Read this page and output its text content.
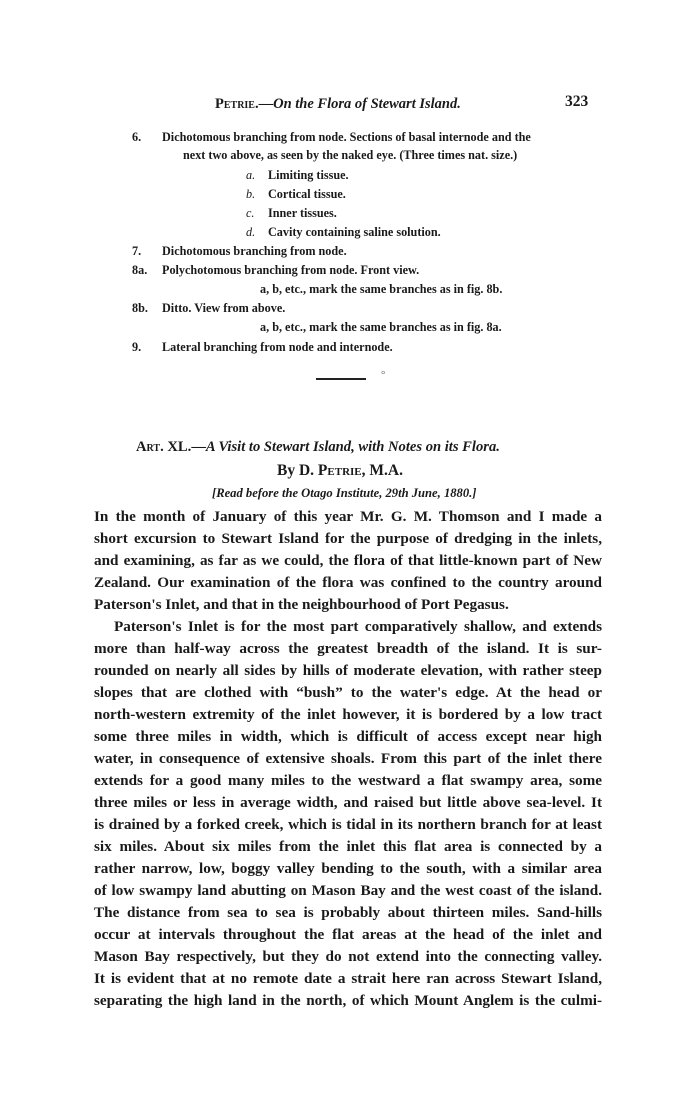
Petrie.—On the Flora of Stewart Island.	323
6. Dichotomous branching from node. Sections of basal internode and the
next two above, as seen by the naked eye. (Three times nat. size.)
a. Limiting tissue.
b. Cortical tissue.
c. Inner tissues.
d. Cavity containing saline solution.
7. Dichotomous branching from node.
8a. Polychotomous branching from node. Front view.
a, b, etc., mark the same branches as in fig. 8b.
8b. Ditto. View from above.
a, b, etc., mark the same branches as in fig. 8a.
9. Lateral branching from node and internode.
°
Art. XL.—A Visit to Stewart Island, with Notes on its Flora.
By D. Petrie, M.A.
[Read before the Otago Institute, 29th June, 1880.]
In the month of January of this year Mr. G. M. Thomson and I made a
short excursion to Stewart Island for the purpose of dredging in the inlets,
and examining, as far as we could, the flora of that little-known part of New
Zealand. Our examination of the flora was confined to the country around
Paterson's Inlet, and that in the neighbourhood of Port Pegasus.
Paterson's Inlet is for the most part comparatively shallow, and extends
more than half-way across the greatest breadth of the island. It is sur-
rounded on nearly all sides by hills of moderate elevation, with rather steep
slopes that are clothed with “bush” to the water's edge. At the head or
north-western extremity of the inlet however, it is bordered by a low tract
some three miles in width, which is difficult of access except near high
water, in consequence of extensive shoals. From this part of the inlet there
extends for a good many miles to the westward a flat swampy area, some
three miles or less in average width, and raised but little above sea-level. It
is drained by a forked creek, which is tidal in its northern branch for at least
six miles. About six miles from the inlet this flat area is connected by a
rather narrow, low, boggy valley bending to the south, with a similar area
of low swampy land abutting on Mason Bay and the west coast of the island.
The distance from sea to sea is probably about thirteen miles. Sand-hills
occur at intervals throughout the flat areas at the head of the inlet and
Mason Bay respectively, but they do not extend into the connecting valley.
It is evident that at no remote date a strait here ran across Stewart Island,
separating the high land in the north, of which Mount Anglem is the culmi-
